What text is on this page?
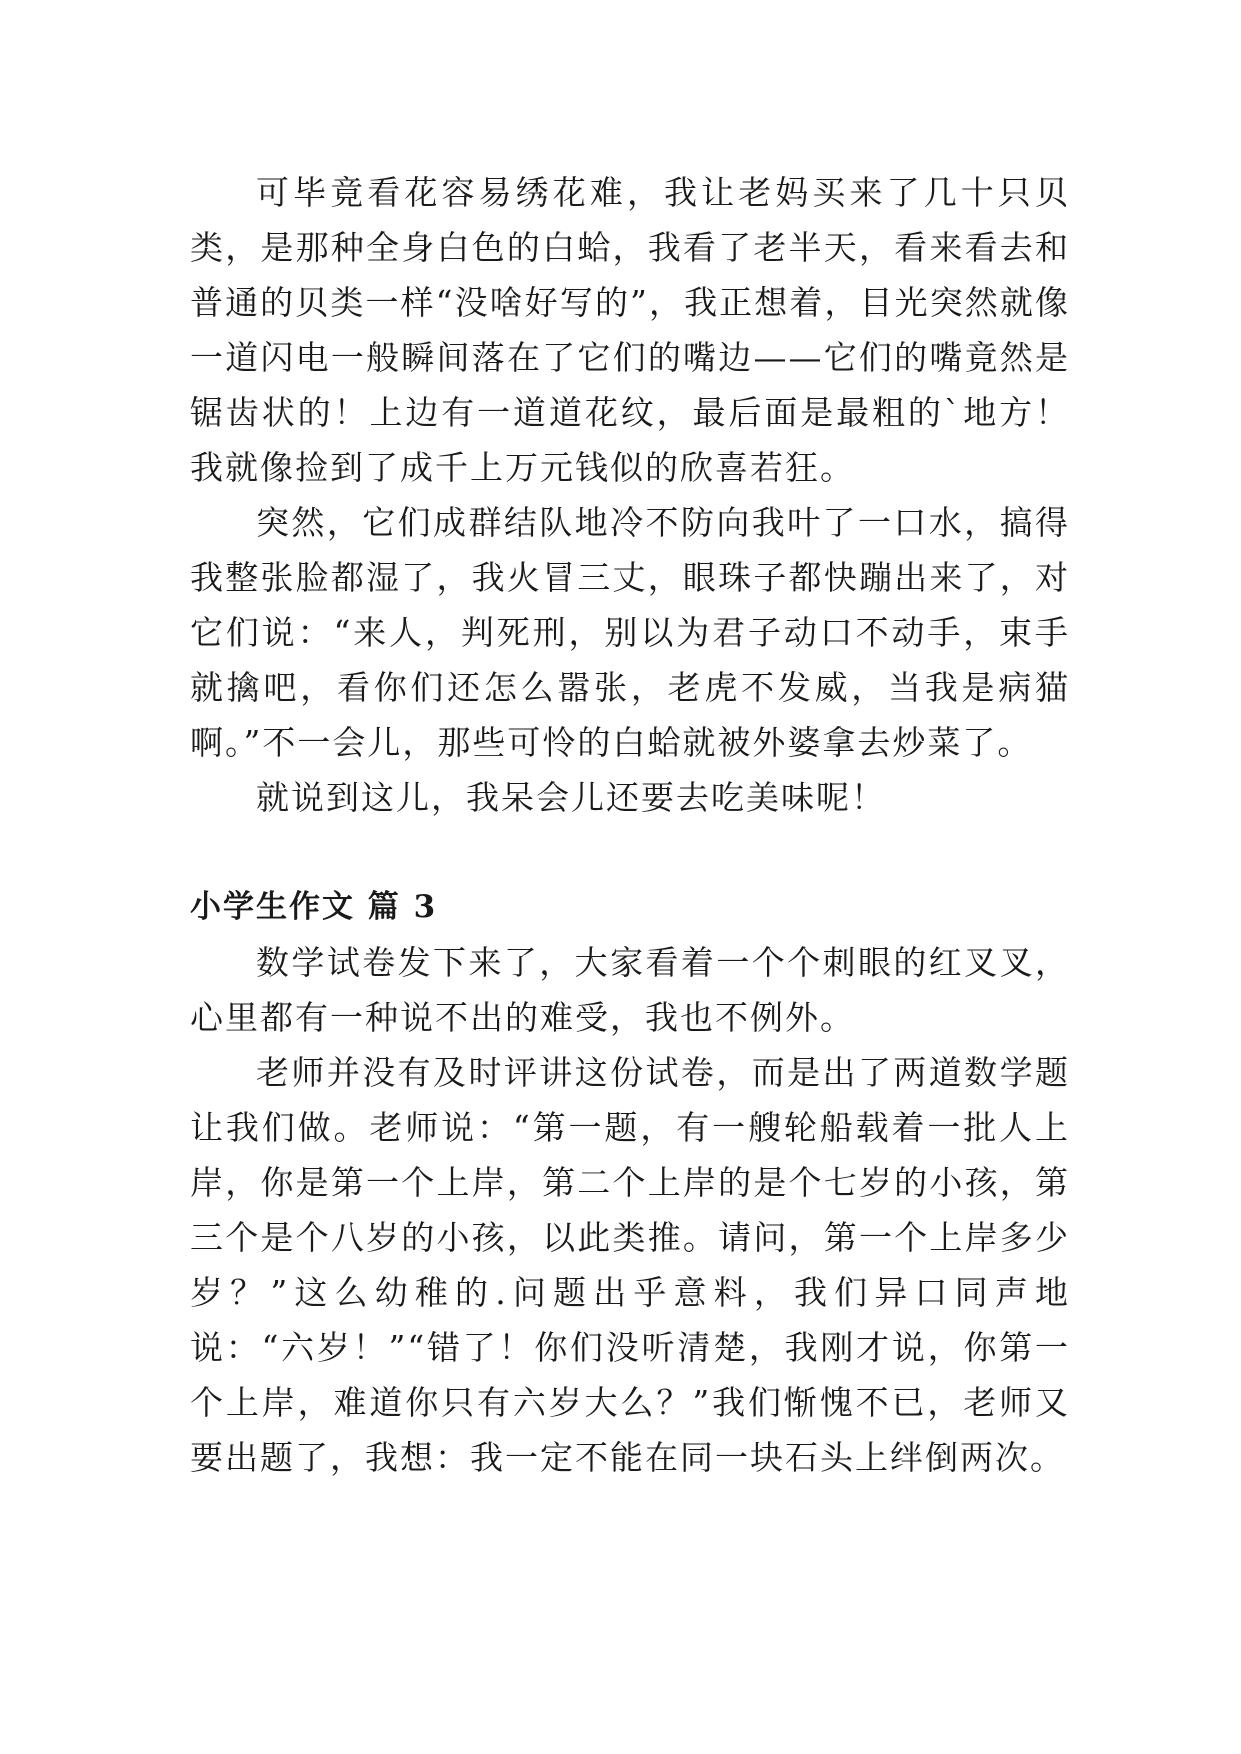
可毕竟看花容易绣花难，我让老妈买来了几十只贝类，是那种全身白色的白蛤，我看了老半天，看来看去和普通的贝类一样“没啥好写的”，我正想着，目光突然就像一道闪电一般瞬间落在了它们的嘴边——它们的嘴竟然是锯齿状的！上边有一道道花纹，最后面是最粗的`地方！我就像捡到了成千上万元钱似的欣喜若狂。

突然，它们成群结队地冷不防向我叶了一口水，搞得我整张脸都湿了，我火冒三丈，眼珠子都快蹦出来了，对它们说：“来人，判死刑，别以为君子动口不动手，束手就擒吧，看你们还怎么嚣张，老虎不发威，当我是病猫啊。”不一会儿，那些可怜的白蛤就被外婆拿去炒菜了。

就说到这儿，我呆会儿还要去吃美味呢！

小学生作文 篇 3

数学试卷发下来了，大家看着一个个刺眼的红叉叉，心里都有一种说不出的难受，我也不例外。

老师并没有及时评讲这份试卷，而是出了两道数学题让我们做。老师说：“第一题，有一艘轮船载着一批人上岸，你是第一个上岸，第二个上岸的是个七岁的小孩，第三个是个八岁的小孩，以此类推。请问，第一个上岸多少岁？”这么幼稚的.问题出乎意料，我们异口同声地说：“六岁！”“错了！你们没听清楚，我刚才说，你第一个上岸，难道你只有六岁大么？”我们惭愧不已，老师又要出题了，我想：我一定不能在同一块石头上绊倒两次。
